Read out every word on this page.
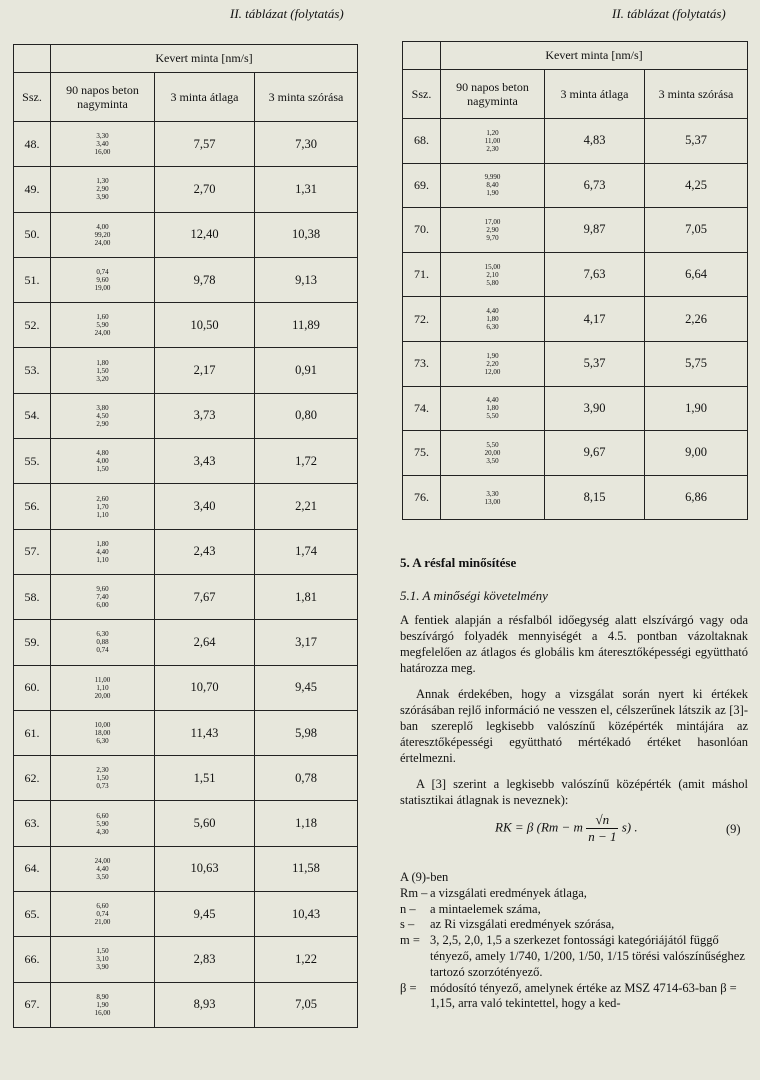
II. táblázat (folytatás)	II. táblázat (folytatás)
	Kevert minta [nm/s]		
Ssz.	90 napos beton nagyminta	3 minta átlaga	3 minta szórása
48.	3,30
3,40
16,00	7,57	7,30
49.	1,30
2,90
3,90	2,70	1,31
50.	4,00
99,20
24,00	12,40	10,38
51.	0,74
9,60
19,00	9,78	9,13
52.	1,60
5,90
24,00	10,50	11,89
53.	1,80
1,50
3,20	2,17	0,91
54.	3,80
4,50
2,90	3,73	0,80
55.	4,80
4,00
1,50	3,43	1,72
56.	2,60
1,70
1,10	3,40	2,21
57.	1,80
4,40
1,10	2,43	1,74
58.	9,60
7,40
6,00	7,67	1,81
59.	6,30
0,88
0,74	2,64	3,17
60.	11,00
1,10
20,00	10,70	9,45
61.	10,00
18,00
6,30	11,43	5,98
62.	2,30
1,50
0,73	1,51	0,78
63.	6,60
5,90
4,30	5,60	1,18
64.	24,00
4,40
3,50	10,63	11,58
65.	6,60
0,74
21,00	9,45	10,43
66.	1,50
3,10
3,90	2,83	1,22
67.	8,90
1,90
16,00	8,93	7,05
	Kevert minta [nm/s]		
Ssz.	90 napos beton nagyminta	3 minta átlaga	3 minta szórása
68.	1,20
11,00
2,30	4,83	5,37
69.	9,990
8,40
1,90	6,73	4,25
70.	17,00
2,90
9,70	9,87	7,05
71.	15,00
2,10
5,80	7,63	6,64
72.	4,40
1,80
6,30	4,17	2,26
73.	1,90
2,20
12,00	5,37	5,75
74.	4,40
1,80
5,50	3,90	1,90
75.	5,50
20,00
3,50	9,67	9,00
76.	3,30
13,00	8,15	6,86
5. A résfal minősítése
5.1. A minőségi követelmény
A fentiek alapján a résfalból időegység alatt elszívárgó vagy oda beszívárgó folyadék mennyiségét a 4.5. pontban vázoltaknak megfelelően az átlagos és globális km áteresztőképességi együttható határozza meg.
Annak érdekében, hogy a vizsgálat során nyert ki értékek szórásában rejlő információ ne vesszen el, célszerűnek látszik az [3]-ban szereplő legkisebb valószínű középérték mintájára az áteresztőképességi együttható mértékadó értéket hasonlóan értelmezni.
A [3] szerint a legkisebb valószínű középérték (amit máshol statisztikai átlagnak is neveznek):
RK = β (Rm − m $\frac{√n}{n - 1} s$) .	(9)
A (9)-ben
Rm – a vizsgálati eredmények átlaga,
n –	a mintaelemek száma,
s –	az Ri vizsgálati eredmények szórása,
m = 3, 2,5, 2,0, 1,5 a szerkezet fontossági kategóriájától függő tényező, amely 1/740, 1/200, 1/50, 1/15 törési valószínűséghez tartozó szorzótényező.
β =	módosító tényező, amelynek értéke az MSZ 4714-63-ban β = 1,15, arra való tekintettel, hogy a ked-
